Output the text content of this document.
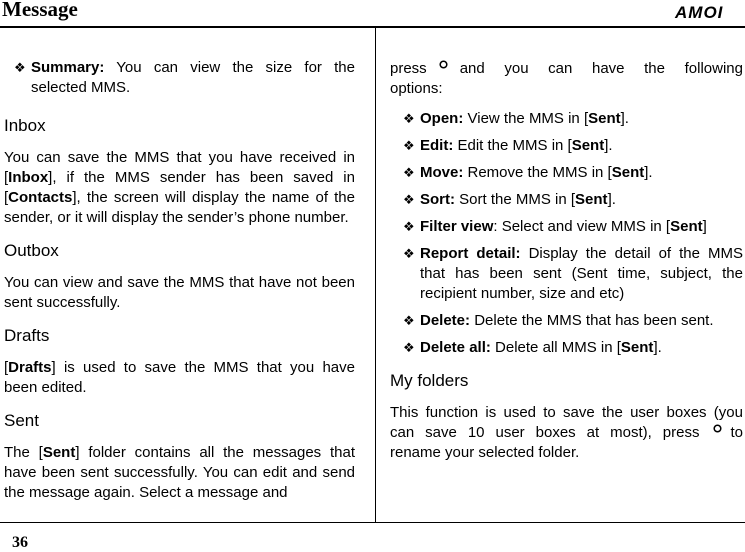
Message	AMOI
❖ Summary: You can view the size for the selected MMS.
Inbox

You can save the MMS that you have received in [Inbox], if the MMS sender has been saved in [Contacts], the screen will display the name of the sender, or it will display the sender’s phone number.

Outbox

You can view and save the MMS that have not been sent successfully.

Drafts

[Drafts] is used to save the MMS that you have been edited.

Sent

The [Sent] folder contains all the messages that have been sent successfully. You can edit and send the message again. Select a message and

press and you can have the following
options:
❖ Open: View the MMS in [Sent].
❖ Edit: Edit the MMS in [Sent].
❖ Move: Remove the MMS in [Sent].
❖ Sort: Sort the MMS in [Sent].
❖ Filter view: Select and view MMS in [Sent]
❖ Report detail: Display the detail of the MMS that has been sent (Sent time, subject, the recipient number, size and etc)
❖ Delete: Delete the MMS that has been sent.
❖ Delete all: Delete all MMS in [Sent].
My folders

This function is used to save the user boxes (you can save 10 user boxes at most), press to rename your selected folder.

36
